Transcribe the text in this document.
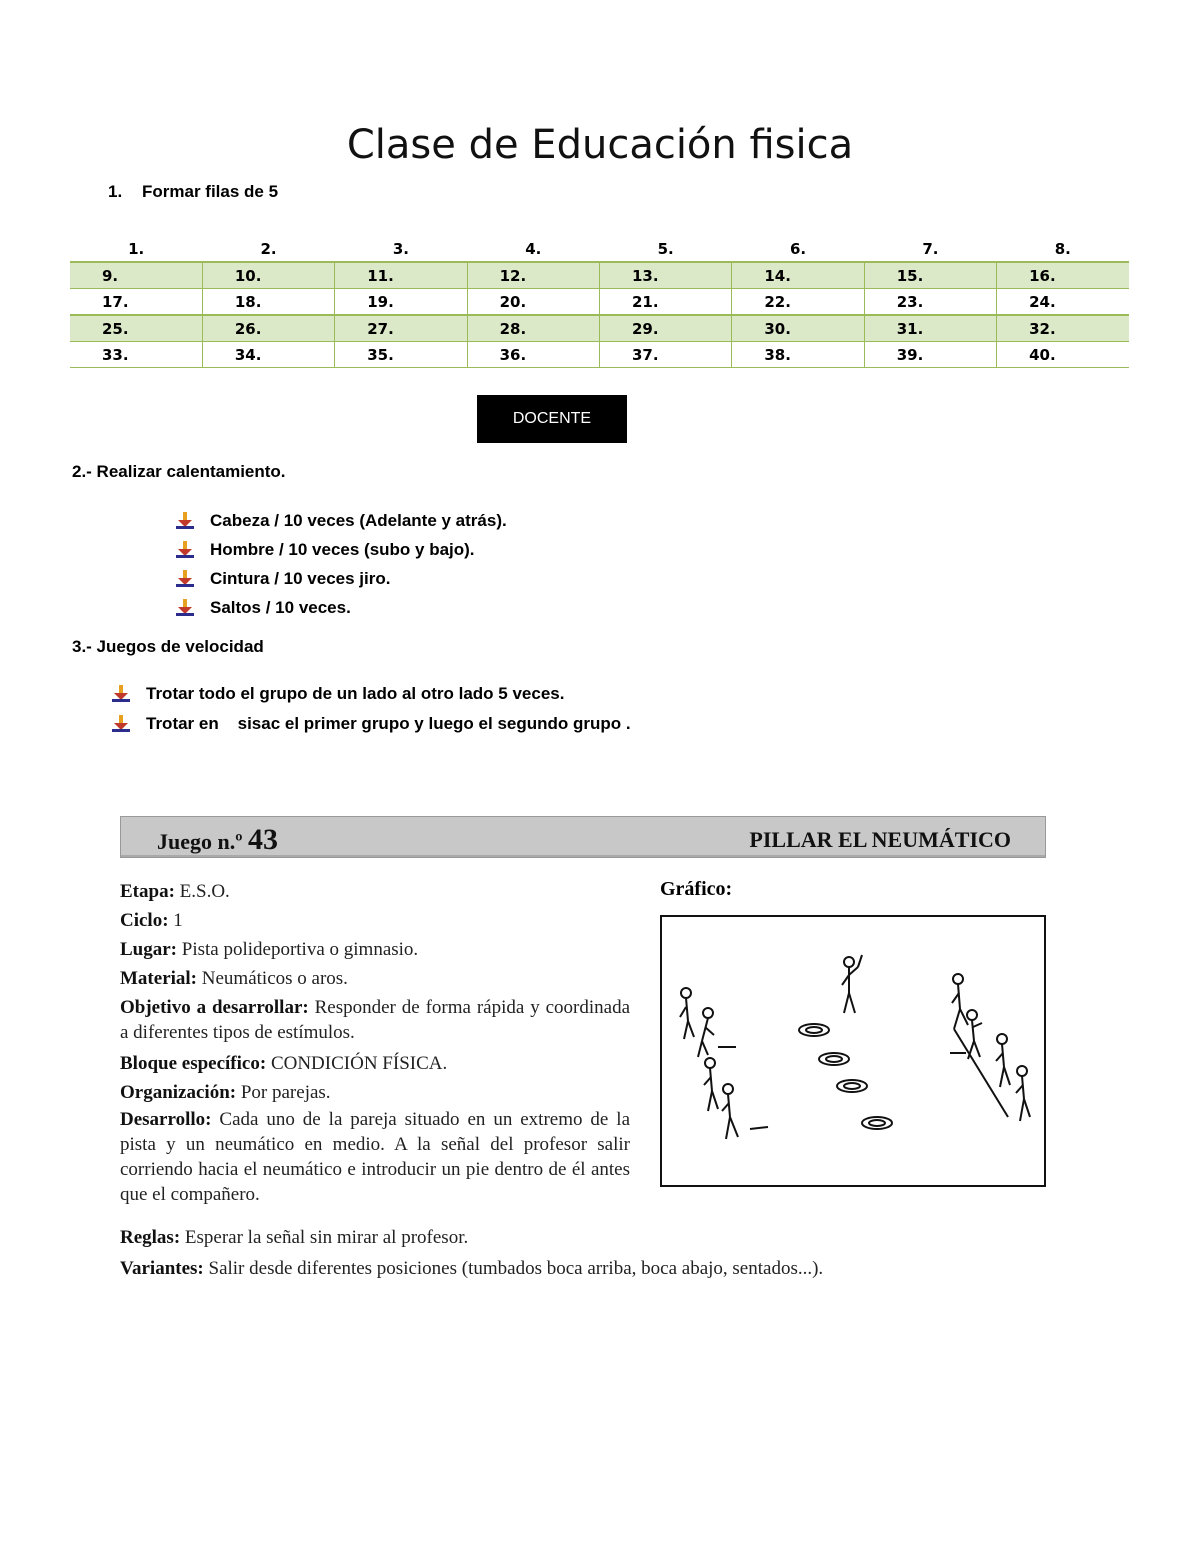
Clase de Educación fisica
1. Formar filas de 5
1.	2.	3.	4.	5.	6.	7.	8.
9.	10.	11.	12.	13.	14.	15.	16.
17.	18.	19.	20.	21.	22.	23.	24.
25.	26.	27.	28.	29.	30.	31.	32.
33.	34.	35.	36.	37.	38.	39.	40.
DOCENTE
2.- Realizar calentamiento.
Cabeza / 10 veces (Adelante y atrás).
Hombre / 10 veces (subo y bajo).
Cintura / 10 veces jiro.
Saltos / 10 veces.
3.- Juegos de velocidad
Trotar todo el grupo de un lado al otro lado 5 veces.
Trotar en    sisac el primer grupo y luego el segundo grupo .
Juego n.º 43	PILLAR EL NEUMÁTICO
Etapa: E.S.O.
Ciclo: 1
Lugar: Pista polideportiva o gimnasio.
Material: Neumáticos o aros.
Objetivo a desarrollar: Responder de forma rápida y coordinada a diferentes tipos de estímulos.
Bloque específico: CONDICIÓN FÍSICA.
Organización: Por parejas.
Desarrollo: Cada uno de la pareja situado en un extremo de la pista y un neumático en medio. A la señal del profesor salir corriendo hacia el neumático e introducir un pie dentro de él antes que el compañero.
Reglas: Esperar la señal sin mirar al profesor.
Variantes: Salir desde diferentes posiciones (tumbados boca arriba, boca abajo, sentados...).
Gráfico:
